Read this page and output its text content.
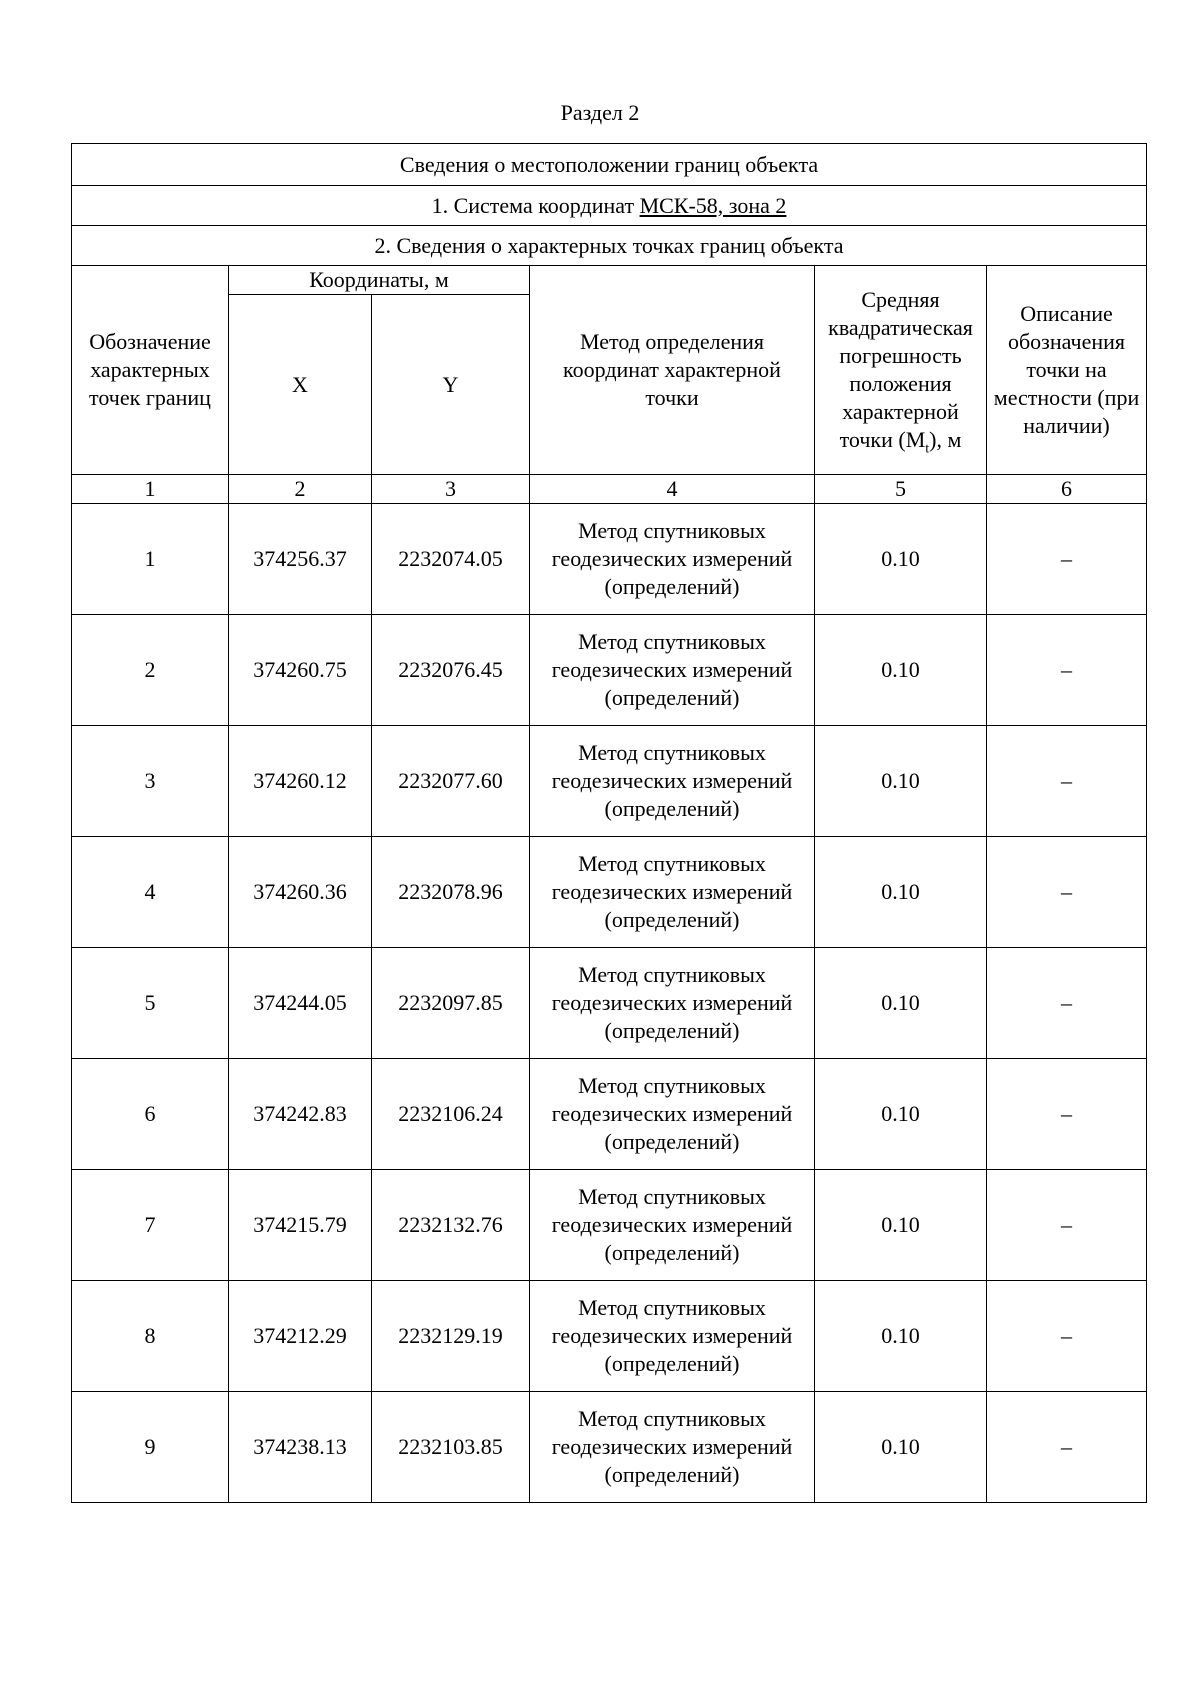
Раздел 2
Сведения о местоположении границ объекта					
1. Система координат МСК-58, зона 2					
2. Сведения о характерных точках границ объекта					
Обозначение характерных точек границ	Координаты, м		Метод определения координат характерной точки	Средняя квадратическая погрешность положения характерной точки $(M_t)$, м	Описание обозначения точки на местности (при наличии)
	X	Y			
1	2	3	4	5	6
1	374256.37	2232074.05	Метод спутниковых геодезических измерений (определений)	0.10	–
2	374260.75	2232076.45	Метод спутниковых геодезических измерений (определений)	0.10	–
3	374260.12	2232077.60	Метод спутниковых геодезических измерений (определений)	0.10	–
4	374260.36	2232078.96	Метод спутниковых геодезических измерений (определений)	0.10	–
5	374244.05	2232097.85	Метод спутниковых геодезических измерений (определений)	0.10	–
6	374242.83	2232106.24	Метод спутниковых геодезических измерений (определений)	0.10	–
7	374215.79	2232132.76	Метод спутниковых геодезических измерений (определений)	0.10	–
8	374212.29	2232129.19	Метод спутниковых геодезических измерений (определений)	0.10	–
9	374238.13	2232103.85	Метод спутниковых геодезических измерений (определений)	0.10	–
